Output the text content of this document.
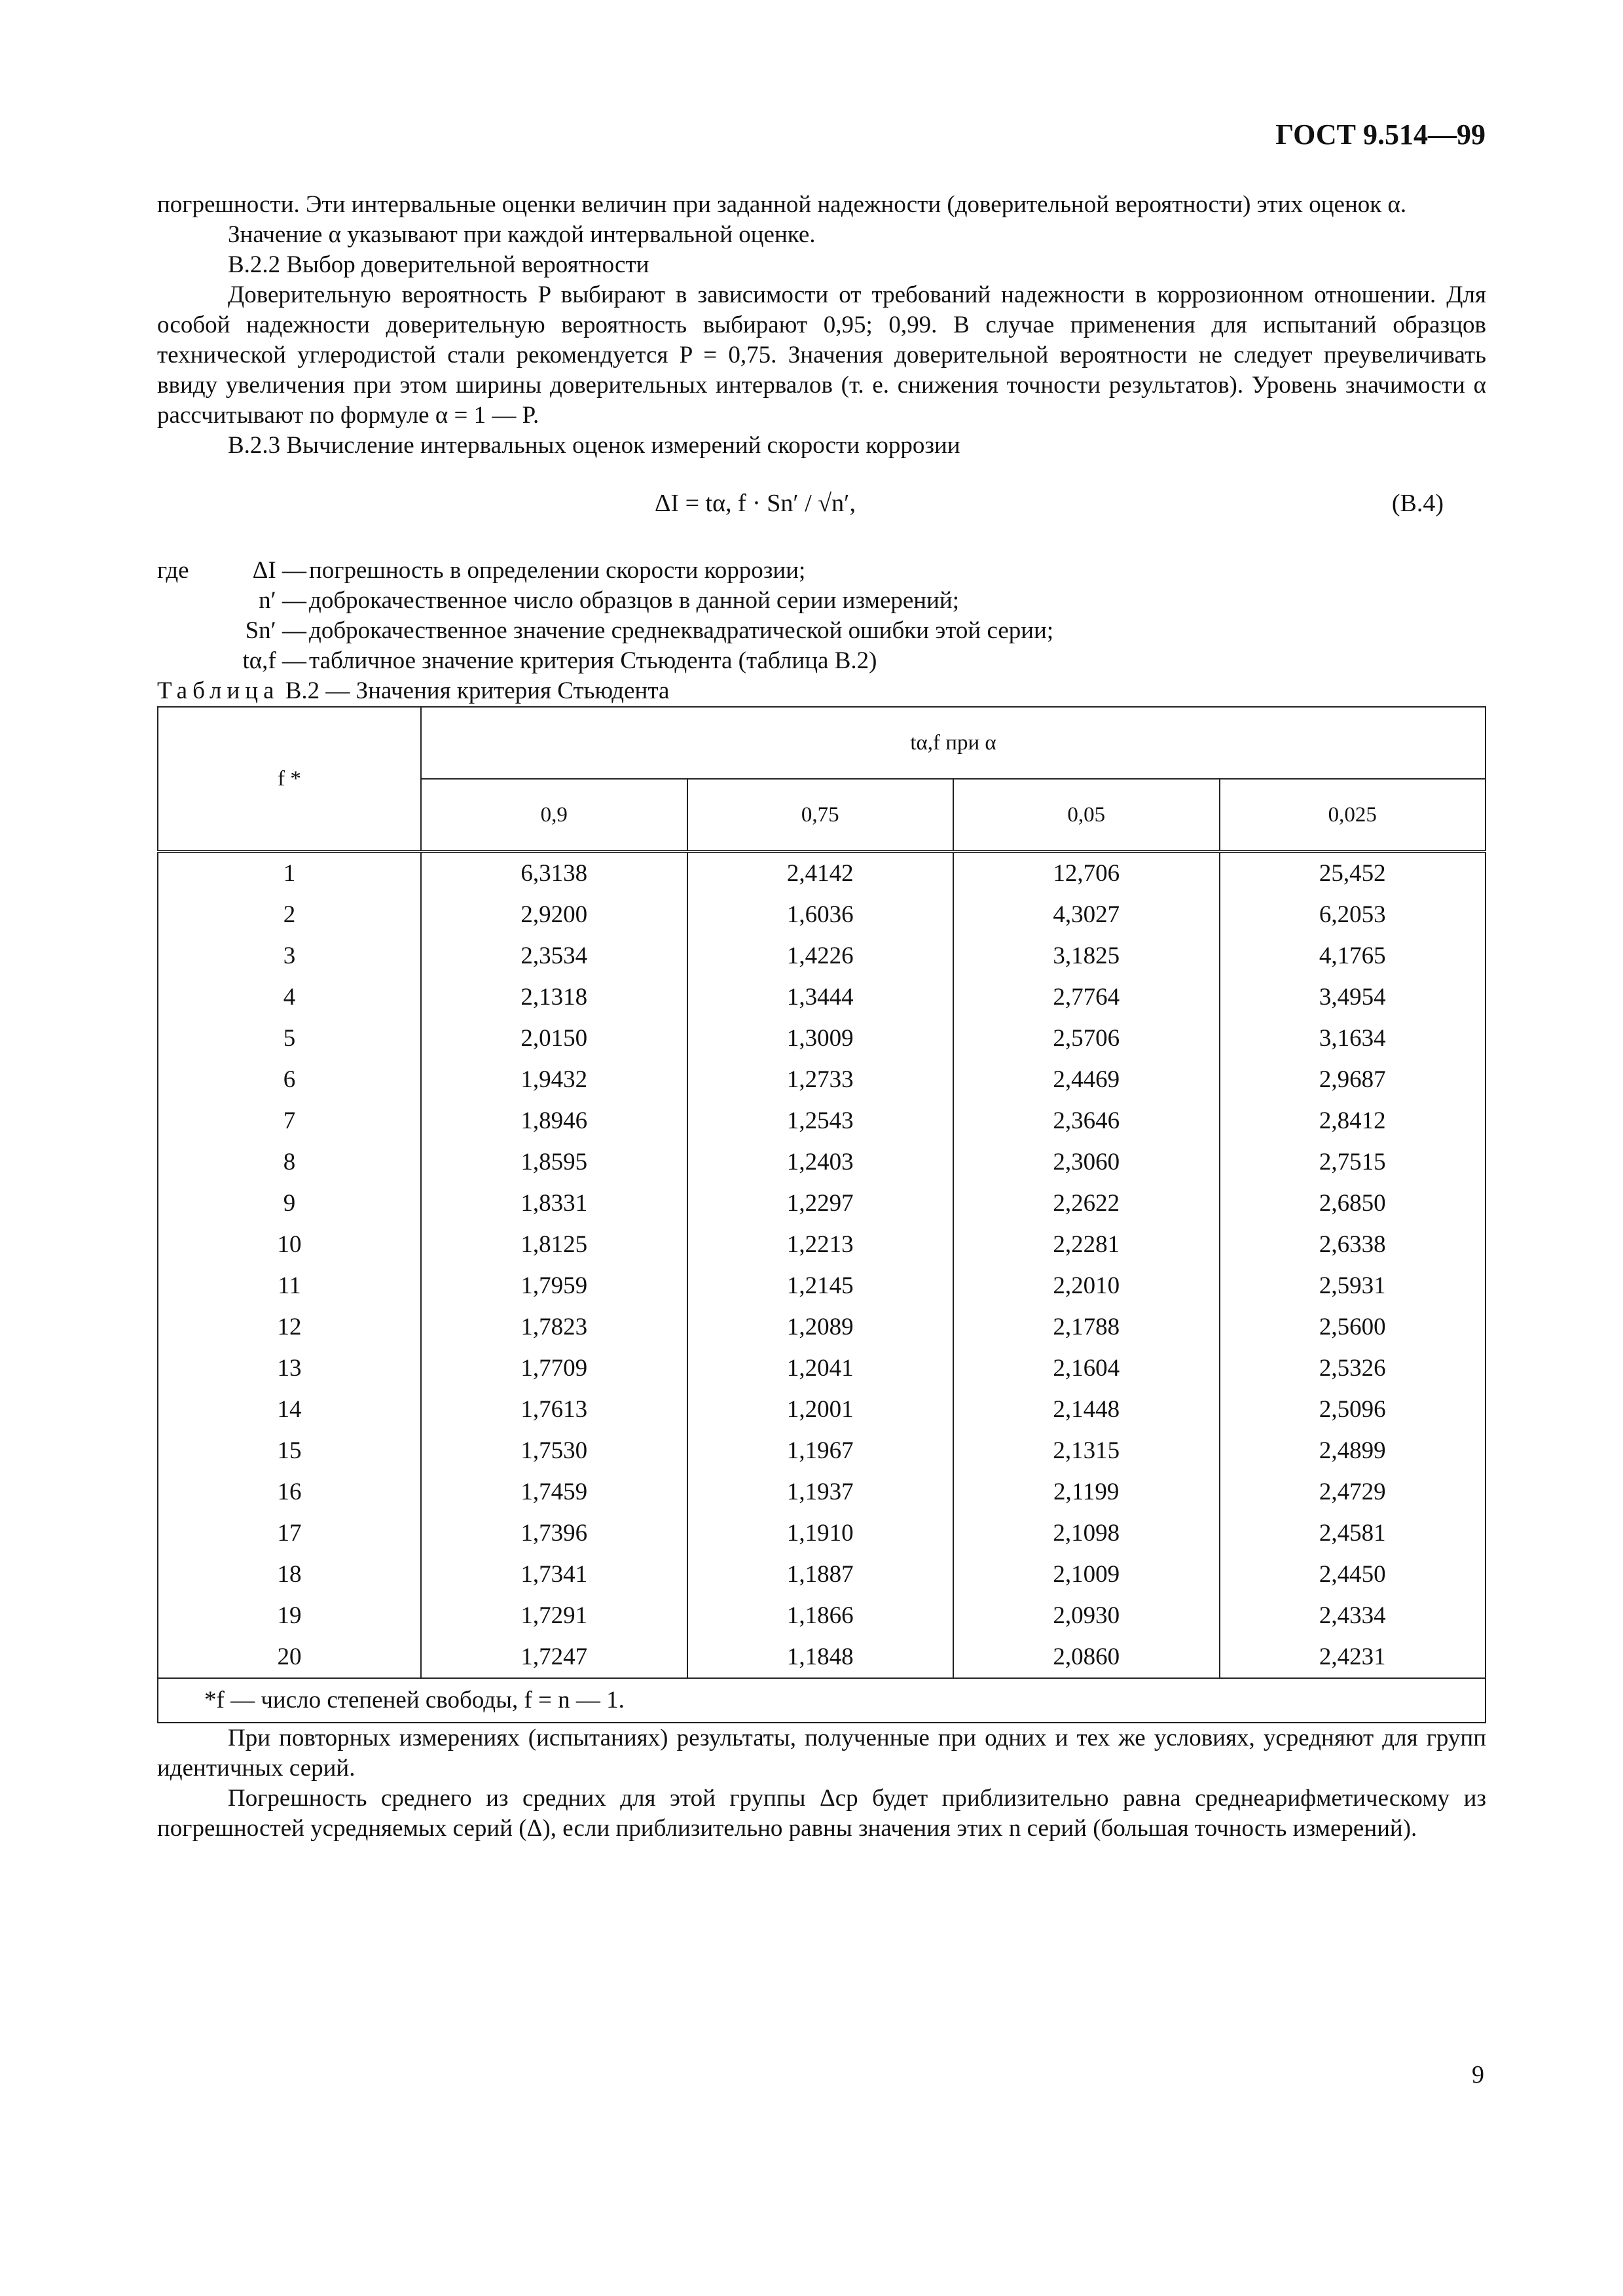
ГОСТ 9.514—99

погрешности. Эти интервальные оценки величин при заданной надежности (доверительной вероятности) этих оценок α.

Значение α указывают при каждой интервальной оценке.

В.2.2 Выбор доверительной вероятности

Доверительную вероятность P выбирают в зависимости от требований надежности в коррозионном отношении. Для особой надежности доверительную вероятность выбирают 0,95; 0,99. В случае применения для испытаний образцов технической углеродистой стали рекомендуется P = 0,75. Значения доверительной вероятности не следует преувеличивать ввиду увеличения при этом ширины доверительных интервалов (т. е. снижения точности результатов). Уровень значимости α рассчитывают по формуле α = 1 — P.

В.2.3 Вычисление интервальных оценок измерений скорости коррозии

ΔI = tα, f · Sn′ / √n′,	(В.4)
где	ΔI — погрешность в определении скорости коррозии;
n′ — доброкачественное число образцов в данной серии измерений;
Sn′ — доброкачественное значение среднеквадратической ошибки этой серии;
tα,f — табличное значение критерия Стьюдента (таблица В.2)

Таблица В.2 — Значения критерия Стьюдента

f *	tα,f при α			
	0,9	0,75	0,05	0,025
1	6,3138	2,4142	12,706	25,452
2	2,9200	1,6036	4,3027	6,2053
3	2,3534	1,4226	3,1825	4,1765
4	2,1318	1,3444	2,7764	3,4954
5	2,0150	1,3009	2,5706	3,1634
6	1,9432	1,2733	2,4469	2,9687
7	1,8946	1,2543	2,3646	2,8412
8	1,8595	1,2403	2,3060	2,7515
9	1,8331	1,2297	2,2622	2,6850
10	1,8125	1,2213	2,2281	2,6338
11	1,7959	1,2145	2,2010	2,5931
12	1,7823	1,2089	2,1788	2,5600
13	1,7709	1,2041	2,1604	2,5326
14	1,7613	1,2001	2,1448	2,5096
15	1,7530	1,1967	2,1315	2,4899
16	1,7459	1,1937	2,1199	2,4729
17	1,7396	1,1910	2,1098	2,4581
18	1,7341	1,1887	2,1009	2,4450
19	1,7291	1,1866	2,0930	2,4334
20	1,7247	1,1848	2,0860	2,4231
*f — число степеней свободы, f = n — 1.				

При повторных измерениях (испытаниях) результаты, полученные при одних и тех же условиях, усредняют для групп идентичных серий.

Погрешность среднего из средних для этой группы Δср будет приблизительно равна среднеарифметическому из погрешностей усредняемых серий (Δ), если приблизительно равны значения этих n серий (большая точность измерений).

9
